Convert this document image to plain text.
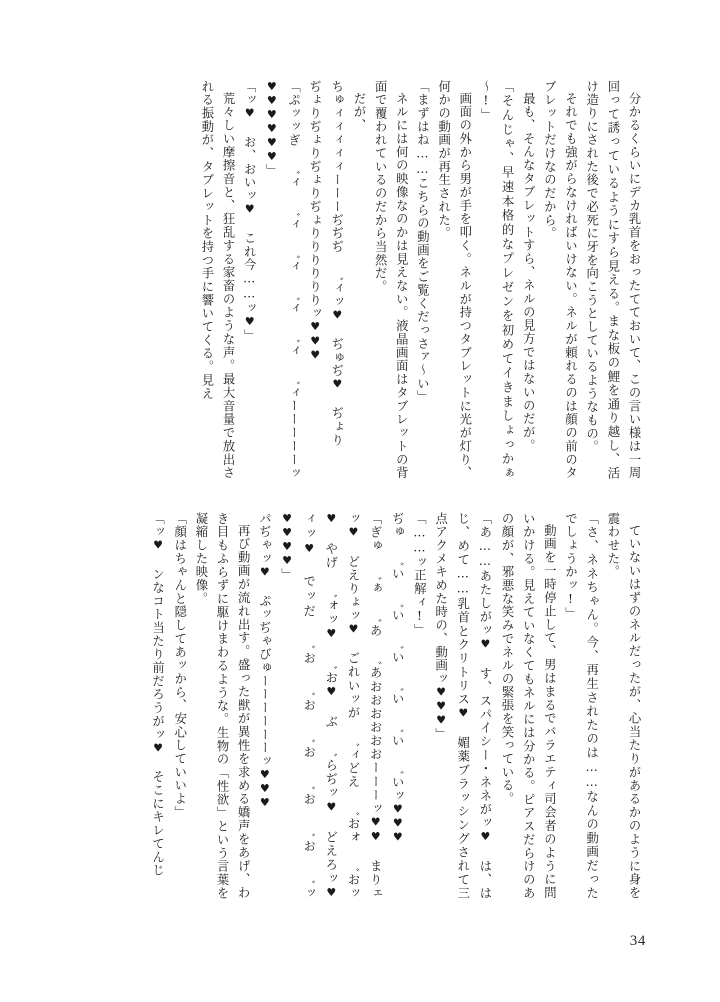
分かるくらいにデカ乳首をおったてておいて、この言い様は一周回って誘っているようにすら見える。まな板の鯉を通り越し、活け造りにされた後で必死に牙を向こうとしているようなもの。

それでも強がらなければいけない。ネルが頼れるのは顔の前のタブレットだけなのだから。

最も、そんなタブレットすら、ネルの見方ではないのだが。

「そんじゃ、早速本格的なプレゼンを初めてイきましょっかぁ～!」

画面の外から男が手を叩く。ネルが持つタブレットに光が灯り、何かの動画が再生された。

「まずはね……こちらの動画をご覧くだっさァ～い」

ネルには何の映像なのかは見えない。液晶画面はタブレットの背面で覆われているのだから当然だ。

だが、

ちゅィィィィィーーーぢぢぢ ゛ィッ♥ ぢゅぢ♥ ぢょり

ぢょりぢょりぢょりぢょりりりりりりッ♥♥♥

「ぷッッぎ ゛ィ ゛ィ ゛ィ ゛ィ ゛ィ ゛ィーーーーーッ♥♥♥♥♥♥」

「ッ♥ お、おいッ♥ これ今……ッ♥」

荒々しい摩擦音と、狂乱する家畜のような声。最大音量で放出される振動が、タブレットを持つ手に響いてくる。見え

ていないはずのネルだったが、心当たりがあるかのように身を震わせた。

「さ、ネネちゃん。今、再生されたのは……なんの動画だったでしょうかッ!」

動画を一時停止して、男はまるでバラエティ司会者のように問いかける。見えていなくてもネルには分かる。ピアスだらけのあの顔が、邪悪な笑みでネルの緊張を笑っている。

「あ……あたしがッ♥ す、スパイシー・ネネがッ♥ は、はじ、めて……乳首とクリトリス♥ 媚薬ブラッシングされて三点アクメキめた時の、動画ッ♥♥♥」

「……ッ正解ィ!」

ぢゅ ゛い ゛い ゛い ゛い ゛い ゛いッ♥♥♥

「ぎゅ ゛ぁ ゛あ ゛あおおおおおおーーーッ♥♥ まりェッ♥ どえりょッ♥ ごれいッが ゛ィどえ ゛おォ ゛おッ♥ やげ ゛ォッ♥ ゛お♥ ぶ ゛らぢッ♥ どえろッ♥ ィッ♥ でッだ ゛お ゛お ゛お ゛お ゛お ゛ッ♥♥♥♥」

パぢゃッ♥ ぷッぢゃびゅーーーーーーッ♥♥♥

再び動画が流れ出す。盛った獣が異性を求める嬌声をあげ、わき目もふらずに駆けまわるような。生物の「性欲」という言葉を凝縮した映像。

「顔はちゃんと隠してあッから、安心していいよ」

「ッ♥ ンなコト当たり前だろうがッ♥ そこにキレてんじ

34
